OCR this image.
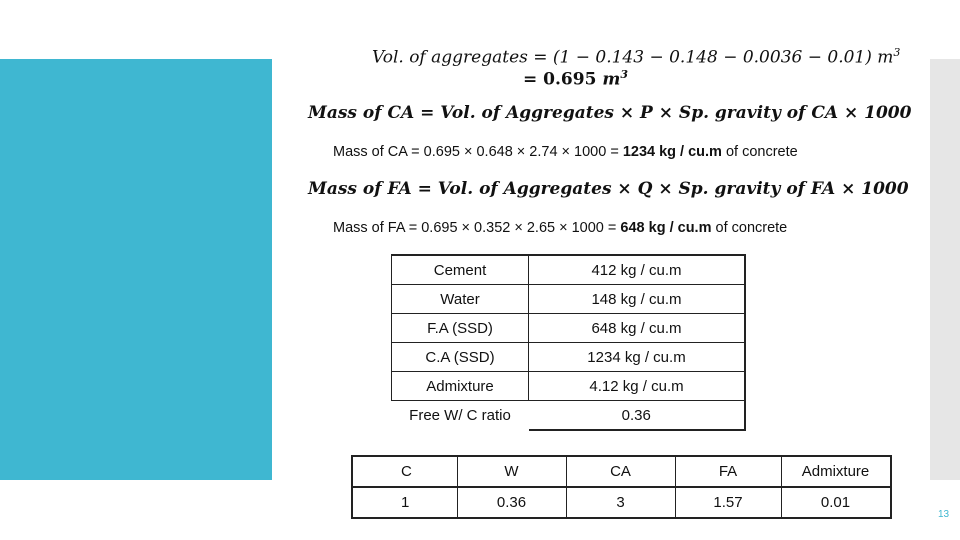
Vol. of aggregates = (1 − 0.143 − 0.148 − 0.0036 − 0.01) $m^3$
= 0.695 $m^3$
Mass of CA = Vol. of Aggregates × P × Sp. gravity of CA × 1000
Mass of CA = 0.695 × 0.648 × 2.74 × 1000 = 1234 kg / cu.m of concrete
Mass of FA = Vol. of Aggregates × Q × Sp. gravity of FA × 1000
Mass of FA = 0.695 × 0.352 × 2.65 × 1000 = 648 kg / cu.m of concrete
Cement	412 kg / cu.m
Water	148 kg / cu.m
F.A (SSD)	648 kg / cu.m
C.A (SSD)	1234 kg / cu.m
Admixture	4.12 kg / cu.m
Free W/ C ratio	0.36
C	W	CA	FA	Admixture
1	0.36	3	1.57	0.01
13
